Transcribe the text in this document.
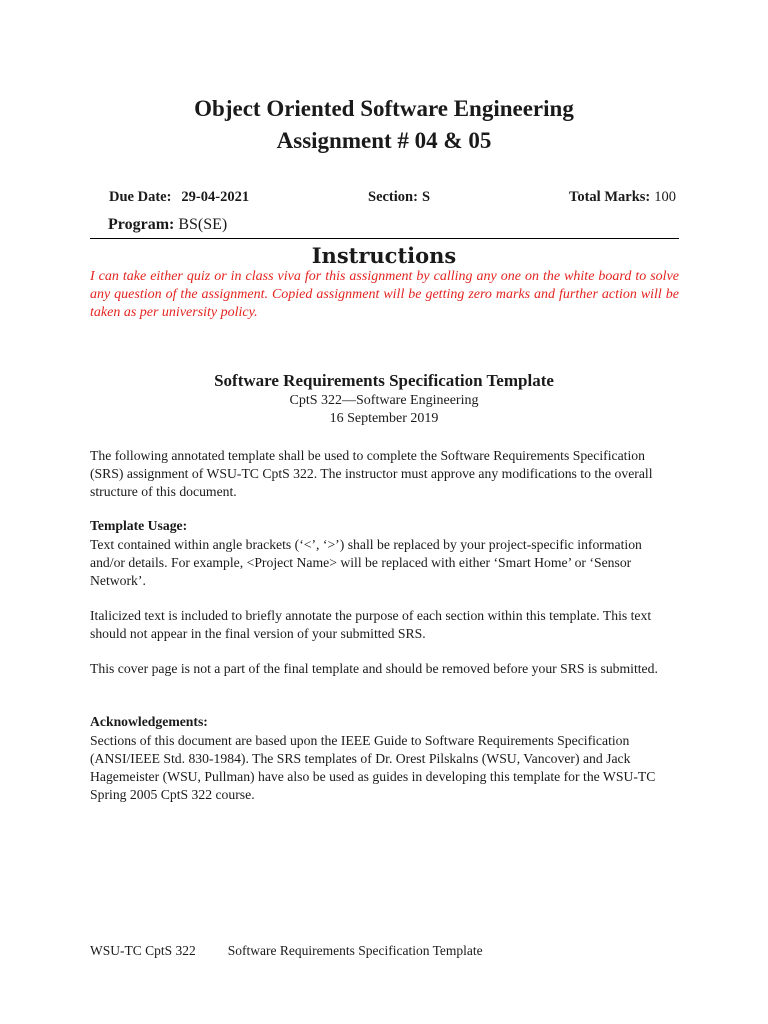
Object Oriented Software Engineering
Assignment # 04 & 05
Due Date: 29-04-2021	Section: S	Total Marks: 100
Program: BS(SE)
Instructions
I can take either quiz or in class viva for this assignment by calling any one on the white board to solve any question of the assignment. Copied assignment will be getting zero marks and further action will be taken as per university policy.
Software Requirements Specification Template
CptS 322—Software Engineering
16 September 2019
The following annotated template shall be used to complete the Software Requirements Specification (SRS) assignment of WSU-TC CptS 322. The instructor must approve any modifications to the overall structure of this document.
Template Usage:
Text contained within angle brackets (‘<’, ‘>’) shall be replaced by your project-specific information and/or details. For example, <Project Name> will be replaced with either ‘Smart Home’ or ‘Sensor Network’.
Italicized text is included to briefly annotate the purpose of each section within this template. This text should not appear in the final version of your submitted SRS.
This cover page is not a part of the final template and should be removed before your SRS is submitted.
Acknowledgements:
Sections of this document are based upon the IEEE Guide to Software Requirements Specification (ANSI/IEEE Std. 830-1984). The SRS templates of Dr. Orest Pilskalns (WSU, Vancover) and Jack Hagemeister (WSU, Pullman) have also be used as guides in developing this template for the WSU-TC Spring 2005 CptS 322 course.
WSU-TC CptS 322 Software Requirements Specification Template
